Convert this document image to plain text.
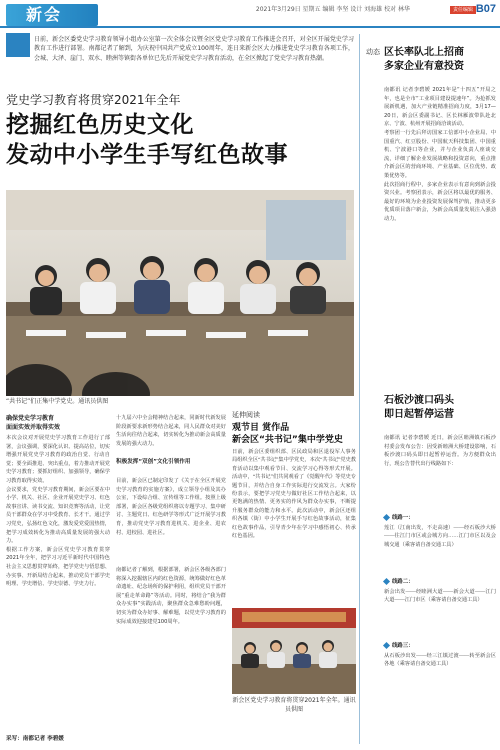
新会	2021年3月29日 星期五 编辑 李坚 设计 刘海雄 校对 林华	责任编辑 B07
日前，新会区委党史学习教育领导小组办公室第一次全体会议暨全区党史学习教育工作推进会召开，对全区开展党史学习教育工作进行部署。南都记者了解到，为庆祝中国共产党成立100周年，连日来新会区大力推进党史学习教育各项工作，会城、大泽、崖门、双水、睦洲等镇街各单位已先后开展党史学习教育活动，在全区掀起了党史学习教育热潮。
党史学习教育将贯穿2021年全年
挖掘红色历史文化
发动中小学生手写红色故事
“共书记”们正集中学党史。通讯员供图
确保党史学习教育
面面实效并取得实效
本次会议对开展党史学习教育工作进行了部署，会议强调，要深化认识、提高站位，切实增强开展党史学习教育的政治自觉、行动自觉；要全面推进、突出重点，着力推动开展党史学习教育；要抓好组织、加强领导，确保学习教育取得实效。
会议要求，党史学习教育期间，新会区要在中小学、机关、社区、企业开展党史学习、红色故事宣讲、读书交流、知识竞赛等活动，让党员干部群众在学习中受教育、长才干。通过学习党史，弘扬红色文化，激发爱党爱国热情，把学习成效转化为推动高质量发展的强大动力。
根据工作方案，新会区党史学习教育贯穿2021年全年，把学习习近平新时代中国特色社会主义思想贯穿始终，把学党史与悟思想、办实事、开新局结合起来，推动党员干部学史明理、学史增信、学史崇德、学史力行。
采写：南都记者 李碧媛
十九届六中全会精神结合起来，同新时代新发展阶段新要求新形势结合起来，同人民群众对美好生活向往结合起来，切实转化为推动新会高质量发展的强大动力。
积极发挥“双创”文化引领作用
目前，新会区已制定印发了《关于在全区开展党史学习教育的实施方案》，成立领导小组及其办公室，下设综合组、宣传组等工作组。按照上级部署，新会区各级党组织将以专题学习、集中研讨、主题党日、红色研学等形式广泛开展学习教育，推动党史学习教育进机关、进企业、进农村、进校园、进社区。
南都记者了解到，根据部署，新会区各级各部门将深入挖掘辖区内的红色资源，统筹做好红色革命遗址、纪念场所的保护利用，组织党员干部开展“重走革命路”等活动。同时，将结合“我为群众办实事”实践活动，聚焦群众急难愁盼问题，切实为群众办好事、解难题，以党史学习教育的实际成效迎接建党100周年。
延伸阅读
观节目 赏作品
新会区“共书记”集中学党史
日前，新会区委组织部、区民政局和区退役军人事务局组织全区“共书记”集中学党史，本次“共书记”党史教育活动以集中观看节目、交流学习心得等形式开展。活动中，“共书记”们共同观看了《觉醒年代》等党史专题节目，并结合自身工作实际进行交流发言。大家纷纷表示，要把学习党史与做好社区工作结合起来，以更饱满的热情、更务实的作风为群众办实事，不断提升服务群众的能力和水平。此次活动中，新会区还组织各镇（街）中小学生开展手写红色故事活动，征集红色故事作品，引导青少年在学习中感悟初心、传承红色基因。
新会区党史学习教育将贯穿2021年全年。通讯员供图
动态 区长率队北上招商
多家企业有意投资
南都讯 记者李碧媛 2021年是“十四五”开局之年，也是全市“工业项目建设提速年”。为抢抓发展新机遇，加大产业链精准招商力度，3月17—20日，新会区委副书记、区长林雁波带队赴北京、宁波、杭州开展招商洽谈活动。
考察团一行先后拜访国家工信部中小企业局、中国重汽、红豆股份、中国航天科技集团、中国重机、宁波港口等企业，并与企业负责人座谈交流，详细了解企业发展战略和投资意向，重点推介新会区的营商环境、产业基础、区位优势、政策优势等。
此次招商行程中，多家企业表示有意向到新会投资兴业。考察团表示，新会区将以最优的服务、最好的环境为企业投资发展保驾护航，推动更多优质项目落户新会，为新会高质量发展注入强劲动力。
石板沙渡口码头
即日起暂停运营
南都讯 记者李碧媛 近日，新会区睦洲镇石板沙村委会发布公告：因受新睦洲大桥建设影响，石板沙渡口码头即日起暂停运营。为方便群众出行，现公告替代出行线路如下：
线路一：
莲江（江南出发，不走高速）——经石板沙大桥——往江门市区或会城方向……江门市区以及会城交通（乘客请自备交通工具）
线路二：
新会出发——经睦洲大道——新会大道——江门大道——江门市区（乘客请自备交通工具）
线路三：
从石板沙出发——经三江镇过渡——转至新会区各地（乘客请自备交通工具）
